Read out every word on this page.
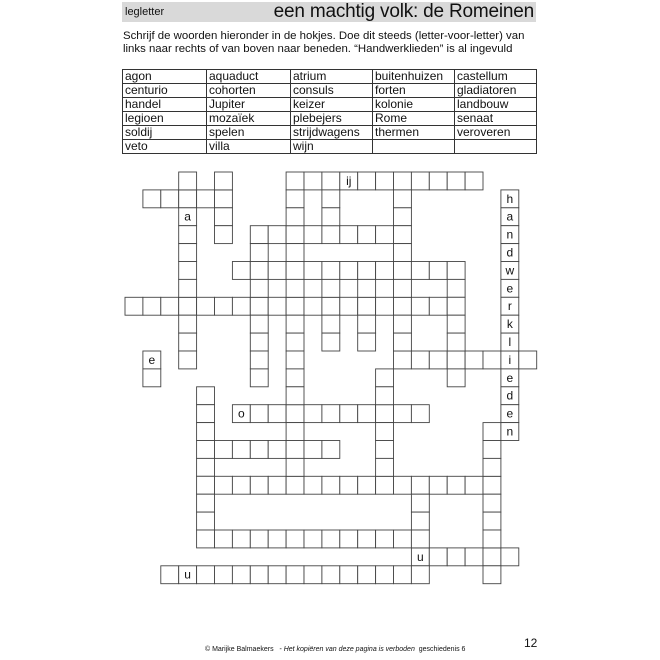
legletter	een machtig volk: de Romeinen
Schrijf de woorden hieronder in de hokjes. Doe dit steeds (letter-voor-letter) van links naar rechts of van boven naar beneden. “Handwerklieden” is al ingevuld
agon	aquaduct	atrium	buitenhuizen	castellum
centurio	cohorten	consuls	forten	gladiatoren
handel	Jupiter	keizer	kolonie	landbouw
legioen	mozaïek	plebejers	Rome	senaat
soldij	spelen	strijdwagens	thermen	veroveren
veto	villa	wijn		
ij
i
o
u
u
a
e
h
a
n
d
w
e
r
k
l
e
d
e
n
© Marijke Balmaekers - Het kopiëren van deze pagina is verboden geschiedenis 6	12
